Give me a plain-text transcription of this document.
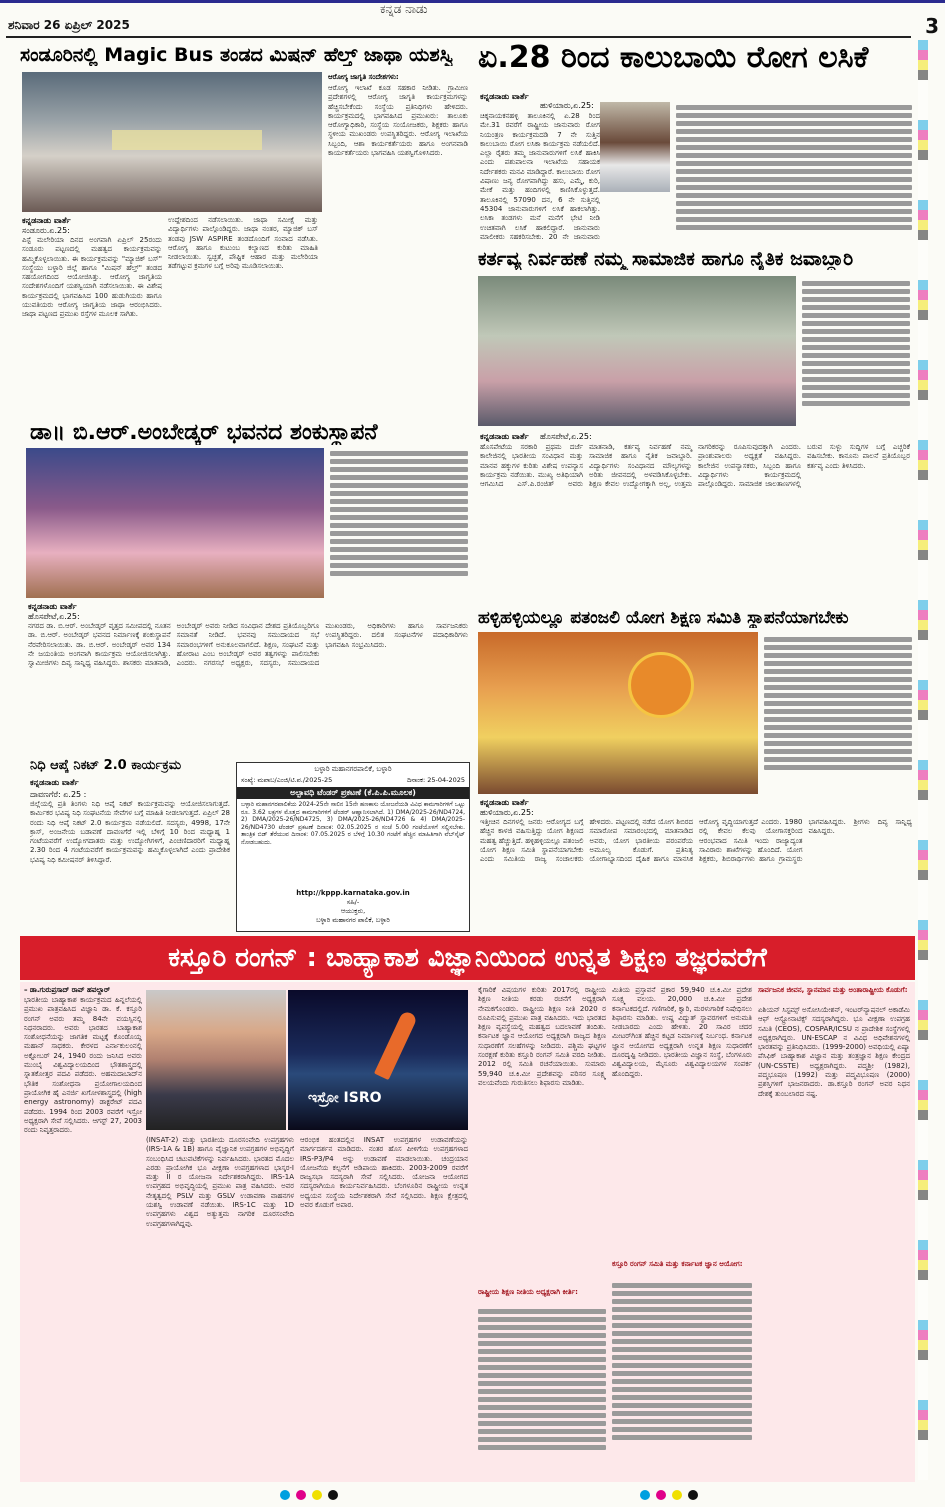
ಶನಿವಾರ 26 ಏಪ್ರಿಲ್ 2025
ಕನ್ನಡ ನಾಡು
3
ಸಂಡೂರಿನಲ್ಲಿ Magic Bus ತಂಡದ ಮಿಷನ್ ಹೆಲ್ತ್ ಜಾಥಾ ಯಶಸ್ವಿ
ಕನ್ನಡನಾಡು ವಾರ್ತೆ
ಸಂಡೂರು.ಏ.25:
ಪಿಸ್ಟೆ ಮಲೇರಿಯಾ ದಿನದ ಅಂಗವಾಗಿ ಏಪ್ರಿಲ್ 25ರಂದು ಸಂಡೂರು ಪಟ್ಟಣದಲ್ಲಿ ಮಹತ್ವದ ಕಾರ್ಯಕ್ರಮವನ್ನು ಹಮ್ಮಿಕೊಳ್ಳಲಾಯಿತು. ಈ ಕಾರ್ಯಕ್ರಮವನ್ನು "ಮ್ಯಾಜಿಕ್ ಬಸ್" ಸಂಸ್ಥೆಯು ಬಳ್ಳಾರಿ ಜಿಲ್ಲೆ ಹಾಗೂ "ಮಿಷನ್ ಹೆಲ್ತ್" ತಂಡದ ಸಹಯೋಗದಿಂದ ಆಯೋಜಿಸಿತ್ತು. ಆರೋಗ್ಯ ಜಾಗೃತಿಯ ಸಂದೇಶಗಳೊಂದಿಗೆ ಯಶಸ್ವಿಯಾಗಿ ನಡೆಸಲಾಯಿತು. ಈ ವಿಶೇಷ ಕಾರ್ಯಕ್ರಮದಲ್ಲಿ ಭಾಗವಹಿಸಿದ 100 ಹುಡುಗಿಯರು ಹಾಗೂ ಯುವತಿಯರು ಆರೋಗ್ಯ ಜಾಗೃತಿಯ ಜಾಥಾ ಆರಂಭಿಸಿದರು. ಜಾಥಾ ಪಟ್ಟಣದ ಪ್ರಮುಖ ರಸ್ತೆಗಳ ಮೂಲಕ ಸಾಗಿತು.
ಉದ್ದೇಶದಿಂದ ನಡೆಸಲಾಯಿತು. ಜಾಥಾ ಸಮೀಕ್ಷೆ ಮತ್ತು ವಿದ್ಯಾರ್ಥಿಗಳು ಪಾಲ್ಗೊಂಡಿದ್ದರು. ಜಾಥಾ ನಂತರ, ಮ್ಯಾಜಿಕ್ ಬಸ್ ತಂಡವು JSW ASPIRE ತಂಡದೊಂದಿಗೆ ಸಂವಾದ ನಡೆಸಿತು. ಆರೋಗ್ಯ ಹಾಗೂ ಕುಟುಂಬ ಕಲ್ಯಾಣದ ಕುರಿತು ಮಾಹಿತಿ ನೀಡಲಾಯಿತು. ಸ್ವಚ್ಛತೆ, ಪೌಷ್ಟಿಕ ಆಹಾರ ಮತ್ತು ಮಲೇರಿಯಾ ತಡೆಗಟ್ಟುವ ಕ್ರಮಗಳ ಬಗ್ಗೆ ಅರಿವು ಮೂಡಿಸಲಾಯಿತು.
ಆರೋಗ್ಯ ಜಾಗೃತಿ ಸಂದೇಶಗಳು:
ಆರೋಗ್ಯ ಇಲಾಖೆ ಕೂಡ ಸಹಕಾರ ನೀಡಿತು. ಗ್ರಾಮೀಣ ಪ್ರದೇಶಗಳಲ್ಲಿ ಆರೋಗ್ಯ ಜಾಗೃತಿ ಕಾರ್ಯಕ್ರಮಗಳನ್ನು ಹೆಚ್ಚಿಸಬೇಕೆಂದು ಸಂಸ್ಥೆಯ ಪ್ರತಿನಿಧಿಗಳು ಹೇಳಿದರು. ಕಾರ್ಯಕ್ರಮದಲ್ಲಿ ಭಾಗವಹಿಸಿದ ಪ್ರಮುಖರು: ತಾಲೂಕು ಆರೋಗ್ಯಾಧಿಕಾರಿ, ಸಂಸ್ಥೆಯ ಸಂಯೋಜಕರು, ಶಿಕ್ಷಕರು ಹಾಗೂ ಸ್ಥಳೀಯ ಮುಖಂಡರು ಉಪಸ್ಥಿತರಿದ್ದರು. ಆರೋಗ್ಯ ಇಲಾಖೆಯ ಸಿಬ್ಬಂದಿ, ಆಶಾ ಕಾರ್ಯಕರ್ತೆಯರು ಹಾಗೂ ಅಂಗನವಾಡಿ ಕಾರ್ಯಕರ್ತೆಯರು ಭಾಗವಹಿಸಿ ಯಶಸ್ವಿಗೊಳಿಸಿದರು.
ಏ.28 ರಿಂದ ಕಾಲುಬಾಯಿ ರೋಗ ಲಸಿಕೆ
ಕನ್ನಡನಾಡು ವಾರ್ತೆ
ಹುಳಿಯಾರು,ಏ.25:
ಚಿಕ್ಕನಾಯಕನಹಳ್ಳಿ ತಾಲೂಕಿನಲ್ಲಿ ಏ.28 ರಿಂದ ಮೇ.31 ರವರೆಗೆ ರಾಷ್ಟ್ರೀಯ ಜಾನುವಾರು ರೋಗ ನಿಯಂತ್ರಣ ಕಾರ್ಯಕ್ರಮದಡಿ 7 ನೇ ಸುತ್ತಿನ ಕಾಲುಬಾಯಿ ರೋಗ ಲಸಿಕಾ ಕಾರ್ಯಕ್ರಮ ನಡೆಯಲಿದೆ. ಎಲ್ಲಾ ರೈತರು ತಮ್ಮ ಜಾನುವಾರುಗಳಿಗೆ ಲಸಿಕೆ ಹಾಕಿಸಿ ಎಂದು ಪಶುಪಾಲನಾ ಇಲಾಖೆಯ ಸಹಾಯಕ ನಿರ್ದೇಶಕರು ಮನವಿ ಮಾಡಿದ್ದಾರೆ. ಕಾಲುಬಾಯಿ ರೋಗ ವಿಷಾಣು ಜನ್ಯ ರೋಗವಾಗಿದ್ದು ಹಸು, ಎಮ್ಮೆ, ಕುರಿ, ಮೇಕೆ ಮತ್ತು ಹಂದಿಗಳಲ್ಲಿ ಕಾಣಿಸಿಕೊಳ್ಳುತ್ತದೆ. ತಾಲೂಕಿನಲ್ಲಿ 57090 ದನ, 6 ನೇ ಸುತ್ತಿನಲ್ಲಿ 45304 ಜಾನುವಾರುಗಳಿಗೆ ಲಸಿಕೆ ಹಾಕಲಾಗಿತ್ತು. ಲಸಿಕಾ ತಂಡಗಳು ಮನೆ ಮನೆಗೆ ಭೇಟಿ ನೀಡಿ ಉಚಿತವಾಗಿ ಲಸಿಕೆ ಹಾಕಲಿದ್ದಾರೆ. ಜಾನುವಾರು ಮಾಲೀಕರು ಸಹಕರಿಸಬೇಕು. 20 ನೇ ಜಾನುವಾರು
ಕರ್ತವ್ಯ ನಿರ್ವಹಣೆ ನಮ್ಮ ಸಾಮಾಜಿಕ ಹಾಗೂ ನೈತಿಕ ಜವಾಬ್ದಾರಿ
ಕನ್ನಡನಾಡು ವಾರ್ತೆ ಹೊಸಪೇಟೆ,ಏ.25:
ಹೊಸಪೇಟೆಯ ಸರಕಾರಿ ಪ್ರಥಮ ದರ್ಜೆ ಕಾಲೇಜಿನಲ್ಲಿ ಭಾರತೀಯ ಸಂವಿಧಾನ ಮತ್ತು ಮಾನವ ಹಕ್ಕುಗಳ ಕುರಿತು ವಿಶೇಷ ಉಪನ್ಯಾಸ ಕಾರ್ಯಕ್ರಮ ನಡೆಯಿತು. ಮುಖ್ಯ ಅತಿಥಿಯಾಗಿ ಆಗಮಿಸಿದ ಎಸ್.ಪಿ.ರಂಜಿತ್ ಅವರು ಮಾತನಾಡಿ, ಕರ್ತವ್ಯ ನಿರ್ವಹಣೆ ನಮ್ಮ ಸಾಮಾಜಿಕ ಹಾಗೂ ನೈತಿಕ ಜವಾಬ್ದಾರಿ. ವಿದ್ಯಾರ್ಥಿಗಳು ಸಂವಿಧಾನದ ಮೌಲ್ಯಗಳನ್ನು ಅರಿತು ಜೀವನದಲ್ಲಿ ಅಳವಡಿಸಿಕೊಳ್ಳಬೇಕು. ಶಿಕ್ಷಣ ಕೇವಲ ಉದ್ಯೋಗಕ್ಕಾಗಿ ಅಲ್ಲ, ಉತ್ತಮ ನಾಗರಿಕರನ್ನು ರೂಪಿಸುವುದಕ್ಕಾಗಿ ಎಂದರು. ಪ್ರಾಂಶುಪಾಲರು ಅಧ್ಯಕ್ಷತೆ ವಹಿಸಿದ್ದರು. ಕಾಲೇಜಿನ ಉಪನ್ಯಾಸಕರು, ಸಿಬ್ಬಂದಿ ಹಾಗೂ ವಿದ್ಯಾರ್ಥಿಗಳು ಕಾರ್ಯಕ್ರಮದಲ್ಲಿ ಪಾಲ್ಗೊಂಡಿದ್ದರು. ಸಾಮಾಜಿಕ ಜಾಲತಾಣಗಳಲ್ಲಿ ಬರುವ ಸುಳ್ಳು ಸುದ್ದಿಗಳ ಬಗ್ಗೆ ಎಚ್ಚರಿಕೆ ವಹಿಸಬೇಕು. ಕಾನೂನು ಪಾಲನೆ ಪ್ರತಿಯೊಬ್ಬರ ಕರ್ತವ್ಯ ಎಂದು ತಿಳಿಸಿದರು.
ಡಾ॥ ಬಿ.ಆರ್.ಅಂಬೇಡ್ಕರ್ ಭವನದ ಶಂಕುಸ್ಥಾಪನೆ
ಕನ್ನಡನಾಡು ವಾರ್ತೆ
ಹೊಸಪೇಟೆ,ಏ.25:
ನಗರದ ಡಾ. ಬಿ.ಆರ್. ಅಂಬೇಡ್ಕರ್ ವೃತ್ತದ ಸಮೀಪದಲ್ಲಿ ನೂತನ ಡಾ. ಬಿ.ಆರ್. ಅಂಬೇಡ್ಕರ್ ಭವನದ ನಿರ್ಮಾಣಕ್ಕೆ ಶಂಕುಸ್ಥಾಪನೆ ನೆರವೇರಿಸಲಾಯಿತು. ಡಾ. ಬಿ.ಆರ್. ಅಂಬೇಡ್ಕರ್ ಅವರ 134 ನೇ ಜಯಂತಿಯ ಅಂಗವಾಗಿ ಕಾರ್ಯಕ್ರಮ ಆಯೋಜಿಸಲಾಗಿತ್ತು. ಸ್ವಾಮೀಜಿಗಳು ದಿವ್ಯ ಸಾನ್ನಿಧ್ಯ ವಹಿಸಿದ್ದರು. ಶಾಸಕರು ಮಾತನಾಡಿ, ಅಂಬೇಡ್ಕರ್ ಅವರು ನೀಡಿದ ಸಂವಿಧಾನ ದೇಶದ ಪ್ರತಿಯೊಬ್ಬರಿಗೂ ಸಮಾನತೆ ನೀಡಿದೆ. ಭವನವು ಸಮುದಾಯದ ಸಭೆ ಸಮಾರಂಭಗಳಿಗೆ ಅನುಕೂಲವಾಗಲಿದೆ. ಶಿಕ್ಷಣ, ಸಂಘಟನೆ ಮತ್ತು ಹೋರಾಟ ಎಂಬ ಅಂಬೇಡ್ಕರ್ ಅವರ ತತ್ವಗಳನ್ನು ಪಾಲಿಸಬೇಕು ಎಂದರು. ನಗರಸಭೆ ಅಧ್ಯಕ್ಷರು, ಸದಸ್ಯರು, ಸಮುದಾಯದ ಮುಖಂಡರು, ಅಧಿಕಾರಿಗಳು ಹಾಗೂ ಸಾರ್ವಜನಿಕರು ಉಪಸ್ಥಿತರಿದ್ದರು. ದಲಿತ ಸಂಘಟನೆಗಳ ಪದಾಧಿಕಾರಿಗಳು ಭಾಗವಹಿಸಿ ಸಂಭ್ರಮಿಸಿದರು.
ನಿಧಿ ಆಪ್ಕೆ ನಿಕಟ್ 2.0 ಕಾರ್ಯಕ್ರಮ
ಕನ್ನಡನಾಡು ವಾರ್ತೆ
ದಾವಣಗೆರೆ: ಏ.25 :
ಜಿಲ್ಲೆಯಲ್ಲಿ ಪ್ರತಿ ತಿಂಗಳು ನಿಧಿ ಆಪ್ಕೆ ನಿಕಟ್ ಕಾರ್ಯಕ್ರಮವನ್ನು ಆಯೋಜಿಸಲಾಗುತ್ತದೆ. ಕಾರ್ಮಿಕರ ಭವಿಷ್ಯ ನಿಧಿ ಸಂಘಟನೆಯ ಸೇವೆಗಳ ಬಗ್ಗೆ ಮಾಹಿತಿ ನೀಡಲಾಗುತ್ತದೆ. ಏಪ್ರಿಲ್ 28 ರಂದು ನಿಧಿ ಆಪ್ಕೆ ನಿಕಟ್ 2.0 ಕಾರ್ಯಕ್ರಮ ನಡೆಯಲಿದೆ. ಸದಸ್ಯರು, 4998, 17ನೇ ಕ್ರಾಸ್, ಅಂಜನೇಯ ಬಡಾವಣೆ ದಾವಣಗೆರೆ ಇಲ್ಲಿ ಬೆಳಿಗ್ಗೆ 10 ರಿಂದ ಮಧ್ಯಾಹ್ನ 1 ಗಂಟೆಯವರೆಗೆ ಉದ್ಯೋಗದಾತರು ಮತ್ತು ಉದ್ಯೋಗಿಗಳಿಗೆ, ಪಿಂಚಣಿದಾರರಿಗೆ ಮಧ್ಯಾಹ್ನ 2.30 ರಿಂದ 4 ಗಂಟೆಯವರೆಗೆ ಕಾರ್ಯಕ್ರಮವನ್ನು ಹಮ್ಮಿಕೊಳ್ಳಲಾಗಿದೆ ಎಂದು ಪ್ರಾದೇಶಿಕ ಭವಿಷ್ಯ ನಿಧಿ ಕಮೀಷನರ್ ತಿಳಿಸಿದ್ದಾರೆ.
ಬಳ್ಳಾರಿ ಮಹಾನಗರಪಾಲಿಕೆ, ಬಳ್ಳಾರಿ
ಸಂಖ್ಯೆ: ಮಪಾಬ/ಎಂಜಿ/ಟಿ.ಪ./2025-25	ದಿನಾಂಕ: 25-04-2025
ಅಲ್ಪಾವಧಿ ಟೆಂಡರ್ ಪ್ರಕಟಣೆ (ಕೆ.ಪಿ.ಪಿ.ಮೂಲಕ)
ಬಳ್ಳಾರಿ ಮಹಾನಗರಪಾಲಿಕೆಯ 2024-25ನೇ ಸಾಲಿನ 15ನೇ ಹಣಕಾಸು ಯೋಜನೆಯಡಿ ವಿವಿಧ ಕಾಮಗಾರಿಗಳಿಗೆ ಒಟ್ಟು ರೂ. 3.62 ಲಕ್ಷಗಳ ಮೊತ್ತದ ಕಾಮಗಾರಿಗಳಿಗೆ ಟೆಂಡರ್ ಆಹ್ವಾನಿಸಲಾಗಿದೆ. 1) DMA/2025-26/ND4724, 2) DMA/2025-26/ND4725, 3) DMA/2025-26/ND4726 & 4) DMA/2025-26/ND4730 ಟೆಂಡರ್ ಪ್ರಕಟಣೆ ದಿನಾಂಕ: 02.05.2025 ರ ಸಂಜೆ 5.00 ಗಂಟೆಯೊಳಗೆ ಸಲ್ಲಿಸಬೇಕು. ತಾಂತ್ರಿಕ ಬಿಡ್ ತೆರೆಯುವ ದಿನಾಂಕ: 07.05.2025 ರ ಬೆಳಿಗ್ಗೆ 10.30 ಗಂಟೆಗೆ ಹೆಚ್ಚಿನ ಮಾಹಿತಿಗಾಗಿ ವೆಬ್‌ಸೈಟ್ ನೋಡಬಹುದು.
http://kppp.karnataka.gov.in
ಸಹಿ/-
ಆಯುಕ್ತರು,
ಬಳ್ಳಾರಿ ಮಹಾನಗರ ಪಾಲಿಕೆ, ಬಳ್ಳಾರಿ
ಹಳ್ಳಿಹಳ್ಳಿಯಲ್ಲೂ ಪತಂಜಲಿ ಯೋಗ ಶಿಕ್ಷಣ ಸಮಿತಿ ಸ್ಥಾಪನೆಯಾಗಬೇಕು
ಕನ್ನಡನಾಡು ವಾರ್ತೆ
ಹುಳಿಯಾರು,ಏ.25:
ಇತ್ತೀಚಿನ ದಿನಗಳಲ್ಲಿ ಜನರು ಆರೋಗ್ಯದ ಬಗ್ಗೆ ಹೆಚ್ಚಿನ ಕಾಳಜಿ ವಹಿಸುತ್ತಿದ್ದು ಯೋಗ ಶಿಕ್ಷಣದ ಮಹತ್ವ ಹೆಚ್ಚುತ್ತಿದೆ. ಹಳ್ಳಿಹಳ್ಳಿಯಲ್ಲೂ ಪತಂಜಲಿ ಯೋಗ ಶಿಕ್ಷಣ ಸಮಿತಿ ಸ್ಥಾಪನೆಯಾಗಬೇಕು ಎಂದು ಸಮಿತಿಯ ರಾಜ್ಯ ಸಂಚಾಲಕರು ಹೇಳಿದರು. ಪಟ್ಟಣದಲ್ಲಿ ನಡೆದ ಯೋಗ ಶಿಬಿರದ ಸಮಾರೋಪ ಸಮಾರಂಭದಲ್ಲಿ ಮಾತನಾಡಿದ ಅವರು, ಯೋಗ ಭಾರತೀಯ ಪರಂಪರೆಯ ಅಮೂಲ್ಯ ಕೊಡುಗೆ. ಪ್ರತಿನಿತ್ಯ ಯೋಗಾಭ್ಯಾಸದಿಂದ ದೈಹಿಕ ಹಾಗೂ ಮಾನಸಿಕ ಆರೋಗ್ಯ ವೃದ್ಧಿಯಾಗುತ್ತದೆ ಎಂದರು. 1980 ರಲ್ಲಿ ಕೇವಲ ಕೆಲವು ಯೋಗಾಸಕ್ತರಿಂದ ಆರಂಭವಾದ ಸಮಿತಿ ಇಂದು ರಾಜ್ಯಾದ್ಯಂತ ಸಾವಿರಾರು ಶಾಖೆಗಳನ್ನು ಹೊಂದಿದೆ. ಯೋಗ ಶಿಕ್ಷಕರು, ಶಿಬಿರಾರ್ಥಿಗಳು ಹಾಗೂ ಗ್ರಾಮಸ್ಥರು ಭಾಗವಹಿಸಿದ್ದರು. ಶ್ರೀಗಳು ದಿವ್ಯ ಸಾನ್ನಿಧ್ಯ ವಹಿಸಿದ್ದರು.
ಕಸ್ತೂರಿ ರಂಗನ್ : ಬಾಹ್ಯಾಕಾಶ ವಿಜ್ಞಾನಿಯಿಂದ ಉನ್ನತ ಶಿಕ್ಷಣ ತಜ್ಞರವರೆಗೆ
– ಡಾ.ಗುರುಪ್ರಸಾದ್ ರಾವ್ ಹವಲ್ದಾರ್
ಭಾರತೀಯ ಬಾಹ್ಯಾಕಾಶ ಕಾರ್ಯಕ್ರಮದ ಹಿನ್ನಲೆಯಲ್ಲಿ ಪ್ರಮುಖ ಪಾತ್ರವಹಿಸಿದ ವಿಜ್ಞಾನಿ ಡಾ. ಕೆ. ಕಸ್ತೂರಿ ರಂಗನ್ ಅವರು ತಮ್ಮ 84ನೇ ವಯಸ್ಸಿನಲ್ಲಿ ನಿಧನರಾದರು. ಅವರು ಭಾರತದ ಬಾಹ್ಯಾಕಾಶ ಸಂಶೋಧನೆಯನ್ನು ಜಾಗತಿಕ ಮಟ್ಟಕ್ಕೆ ಕೊಂಡೊಯ್ದ ಮಹಾನ್ ಸಾಧಕರು. ಕೇರಳದ ಎರ್ನಾಕುಲಂನಲ್ಲಿ ಅಕ್ಟೋಬರ್ 24, 1940 ರಂದು ಜನಿಸಿದ ಅವರು ಮುಂಬೈ ವಿಶ್ವವಿದ್ಯಾಲಯದಿಂದ ಭೌತಶಾಸ್ತ್ರದಲ್ಲಿ ಸ್ನಾತಕೋತ್ತರ ಪದವಿ ಪಡೆದರು. ಅಹಮದಾಬಾದ್‌ನ ಭೌತಿಕ ಸಂಶೋಧನಾ ಪ್ರಯೋಗಾಲಯದಿಂದ ಪ್ರಾಯೋಗಿಕ ಹೈ ಎನರ್ಜಿ ಖಗೋಳಶಾಸ್ತ್ರದಲ್ಲಿ (high energy astronomy) ಡಾಕ್ಟರೇಟ್ ಪದವಿ ಪಡೆದರು. 1994 ರಿಂದ 2003 ರವರೆಗೆ ಇಸ್ರೋ ಅಧ್ಯಕ್ಷರಾಗಿ ಸೇವೆ ಸಲ್ಲಿಸಿದರು. ಆಗಸ್ಟ್ 27, 2003 ರಂದು ನಿವೃತ್ತರಾದರು.
ಇಸ್ರೋ ISRO
(INSAT-2) ಮತ್ತು ಭಾರತೀಯ ದೂರಸಂವೇದಿ ಉಪಗ್ರಹಗಳು (IRS-1A & 1B) ಹಾಗೂ ವೈಜ್ಞಾನಿಕ ಉಪಗ್ರಹಗಳ ಅಭಿವೃದ್ಧಿಗೆ ಸಂಬಂಧಿಸಿದ ಚಟುವಟಿಕೆಗಳನ್ನು ನಿರ್ವಹಿಸಿದರು. ಭಾರತದ ಮೊದಲ ಎರಡು ಪ್ರಾಯೋಗಿಕ ಭೂ ವೀಕ್ಷಣಾ ಉಪಗ್ರಹಗಳಾದ ಭಾಸ್ಕರ-I ಮತ್ತು II ರ ಯೋಜನಾ ನಿರ್ದೇಶಕರಾಗಿದ್ದರು. IRS-1A ಉಪಗ್ರಹದ ಅಭಿವೃದ್ಧಿಯಲ್ಲಿ ಪ್ರಮುಖ ಪಾತ್ರ ವಹಿಸಿದರು. ಅವರ ನೇತೃತ್ವದಲ್ಲಿ PSLV ಮತ್ತು GSLV ಉಡಾವಣಾ ವಾಹನಗಳ ಯಶಸ್ವಿ ಉಡಾವಣೆ ನಡೆಯಿತು. IRS-1C ಮತ್ತು 1D ಉಪಗ್ರಹಗಳು ವಿಶ್ವದ ಅತ್ಯುತ್ತಮ ನಾಗರಿಕ ದೂರಸಂವೇದಿ ಉಪಗ್ರಹಗಳಾಗಿದ್ದವು.
ಆರಂಭಿಕ ಹಂತದಲ್ಲಿನ INSAT ಉಪಗ್ರಹಗಳ ಉಡಾವಣೆಯನ್ನು ಮಾರ್ಗದರ್ಶನ ಮಾಡಿದರು. ನಂತರ ಹೊಸ ಪೀಳಿಗೆಯ ಉಪಗ್ರಹಗಳಾದ IRS-P3/P4 ಅನ್ನು ಉಡಾವಣೆ ಮಾಡಲಾಯಿತು. ಚಂದ್ರಯಾನ ಯೋಜನೆಯ ಕಲ್ಪನೆಗೆ ಅಡಿಪಾಯ ಹಾಕಿದರು. 2003-2009 ರವರೆಗೆ ರಾಜ್ಯಸಭಾ ಸದಸ್ಯರಾಗಿ ಸೇವೆ ಸಲ್ಲಿಸಿದರು. ಯೋಜನಾ ಆಯೋಗದ ಸದಸ್ಯರಾಗಿಯೂ ಕಾರ್ಯನಿರ್ವಹಿಸಿದರು. ಬೆಂಗಳೂರಿನ ರಾಷ್ಟ್ರೀಯ ಉನ್ನತ ಅಧ್ಯಯನ ಸಂಸ್ಥೆಯ ನಿರ್ದೇಶಕರಾಗಿ ಸೇವೆ ಸಲ್ಲಿಸಿದರು. ಶಿಕ್ಷಣ ಕ್ಷೇತ್ರದಲ್ಲಿ ಅವರ ಕೊಡುಗೆ ಅಪಾರ.
ರಾಷ್ಟ್ರೀಯ ಶಿಕ್ಷಣ ನೀತಿಯ ಅಧ್ಯಕ್ಷರಾಗಿ ಕೀರ್ತಿ:
ಕೈಗಾರಿಕೆ ವಿಷಯಗಳ ಕುರಿತು 2017ರಲ್ಲಿ ರಾಷ್ಟ್ರೀಯ ಶಿಕ್ಷಣ ನೀತಿಯ ಕರಡು ರಚನೆಗೆ ಅಧ್ಯಕ್ಷರಾಗಿ ನೇಮಕಗೊಂಡರು. ರಾಷ್ಟ್ರೀಯ ಶಿಕ್ಷಣ ನೀತಿ 2020 ರ ರೂಪಿಸುವಲ್ಲಿ ಪ್ರಮುಖ ಪಾತ್ರ ವಹಿಸಿದರು. ಇದು ಭಾರತದ ಶಿಕ್ಷಣ ವ್ಯವಸ್ಥೆಯಲ್ಲಿ ಮಹತ್ವದ ಬದಲಾವಣೆ ತಂದಿತು. ಕರ್ನಾಟಕ ಜ್ಞಾನ ಆಯೋಗದ ಅಧ್ಯಕ್ಷರಾಗಿ ರಾಜ್ಯದ ಶಿಕ್ಷಣ ಸುಧಾರಣೆಗೆ ಸಲಹೆಗಳನ್ನು ನೀಡಿದರು. ಪಶ್ಚಿಮ ಘಟ್ಟಗಳ ಸಂರಕ್ಷಣೆ ಕುರಿತು ಕಸ್ತೂರಿ ರಂಗನ್ ಸಮಿತಿ ವರದಿ ನೀಡಿತು. 2012 ರಲ್ಲಿ ಸಮಿತಿ ರಚನೆಯಾಯಿತು. ಸುಮಾರು 59,940 ಚ.ಕಿ.ಮೀ ಪ್ರದೇಶವನ್ನು ಪರಿಸರ ಸೂಕ್ಷ್ಮ ವಲಯವೆಂದು ಗುರುತಿಸಲು ಶಿಫಾರಸು ಮಾಡಿತು.
ಕಸ್ತೂರಿ ರಂಗನ್ ಸಮಿತಿ ಮತ್ತು ಕರ್ನಾಟಕ ಜ್ಞಾನ ಆಯೋಗ:
ಮಿತಿಯ ಪ್ರಸ್ತಾವನೆ ಪ್ರಕಾರ 59,940 ಚ.ಕಿ.ಮೀ ಪ್ರದೇಶ ಸೂಕ್ಷ್ಮ ವಲಯ. 20,000 ಚ.ಕಿ.ಮೀ ಪ್ರದೇಶ ಕರ್ನಾಟಕದಲ್ಲಿದೆ. ಗಣಿಗಾರಿಕೆ, ಕ್ವಾರಿ, ಮರಳುಗಾರಿಕೆ ನಿಷೇಧಿಸಲು ಶಿಫಾರಸು ಮಾಡಿತು. ಉಷ್ಣ ವಿದ್ಯುತ್ ಸ್ಥಾವರಗಳಿಗೆ ಅನುಮತಿ ನೀಡಬಾರದು ಎಂದು ಹೇಳಿತು. 20 ಸಾವಿರ ಚದರ ಮೀಟರ್‌ಗಿಂತ ಹೆಚ್ಚಿನ ಕಟ್ಟಡ ನಿರ್ಮಾಣಕ್ಕೆ ನಿರ್ಬಂಧ. ಕರ್ನಾಟಕ ಜ್ಞಾನ ಆಯೋಗದ ಅಧ್ಯಕ್ಷರಾಗಿ ಉನ್ನತ ಶಿಕ್ಷಣ ಸುಧಾರಣೆಗೆ ದೂರದೃಷ್ಟಿ ನೀಡಿದರು. ಭಾರತೀಯ ವಿಜ್ಞಾನ ಸಂಸ್ಥೆ, ಬೆಂಗಳೂರು ವಿಶ್ವವಿದ್ಯಾಲಯ, ಮೈಸೂರು ವಿಶ್ವವಿದ್ಯಾಲಯಗಳ ಸಂಪರ್ಕ ಹೊಂದಿದ್ದರು.
ಸಾರ್ವಜನಿಕ ಜೀವನ, ಸ್ಥಾನಮಾನ ಮತ್ತು ಅಂತಾರಾಷ್ಟ್ರೀಯ ಕೊಡುಗೆ:
ಏಶಿಯನ್ ಸಿಸ್ಟಮ್ಸ್ ಅಸೋಸಿಯೇಶನ್, ಇಂಟರ್‌ನ್ಯಾಷನಲ್ ಅಕಾಡೆಮಿ ಆಫ್ ಆಸ್ಟ್ರೋನಾಟಿಕ್ಸ್ ಸದಸ್ಯರಾಗಿದ್ದರು. ಭೂ ವೀಕ್ಷಣಾ ಉಪಗ್ರಹ ಸಮಿತಿ (CEOS), COSPAR/ICSU ನ ಪ್ರಾದೇಶಿಕ ಸಂಸ್ಥೆಗಳಲ್ಲಿ ಅಧ್ಯಕ್ಷರಾಗಿದ್ದರು. UN-ESCAP ನ ವಿವಿಧ ಅಧಿವೇಶನಗಳಲ್ಲಿ ಭಾರತವನ್ನು ಪ್ರತಿನಿಧಿಸಿದರು. (1999-2000) ಅವಧಿಯಲ್ಲಿ ಏಷ್ಯಾ ಪೆಸಿಫಿಕ್ ಬಾಹ್ಯಾಕಾಶ ವಿಜ್ಞಾನ ಮತ್ತು ತಂತ್ರಜ್ಞಾನ ಶಿಕ್ಷಣ ಕೇಂದ್ರದ (UN-CSSTE) ಅಧ್ಯಕ್ಷರಾಗಿದ್ದರು. ಪದ್ಮಶ್ರೀ (1982), ಪದ್ಮಭೂಷಣ (1992) ಮತ್ತು ಪದ್ಮವಿಭೂಷಣ (2000) ಪ್ರಶಸ್ತಿಗಳಿಗೆ ಭಾಜನರಾದರು. ಡಾ.ಕಸ್ತೂರಿ ರಂಗನ್ ಅವರ ನಿಧನ ದೇಶಕ್ಕೆ ತುಂಬಲಾರದ ನಷ್ಟ.
